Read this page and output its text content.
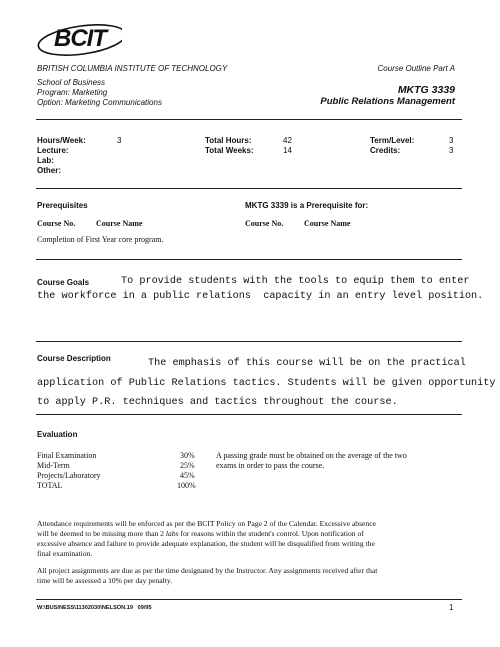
BCIT
BRITISH COLUMBIA INSTITUTE OF TECHNOLOGY
School of Business
Program: Marketing
Option: Marketing Communications
Course Outline Part A
MKTG 3339
Public Relations Management
Hours/Week:	3
Lecture:
Lab:
Other:
Total Hours:	42
Total Weeks:	14
Term/Level:	3
Credits:	3
Prerequisites	MKTG 3339 is a Prerequisite for:
Course No.	Course Name	Course No.	Course Name
Completion of First Year core program.
Course Goals	To provide students with the tools to equip them to enter
the workforce in a public relations  capacity in an entry level position.
Course Description	The emphasis of this course will be on the practical
application of Public Relations tactics. Students will be given opportunity
to apply P.R. techniques and tactics throughout the course.
Evaluation
Final Examination	30%
Mid-Term	25%
Projects/Laboratory	45%
TOTAL	100%
A passing grade must be obtained on the average of the two
exams in order to pass the course.
Attendance requirements will be enforced as per the BCIT Policy on Page 2 of the Calendar. Excessive absence
will be deemed to be missing more than 2 labs for reasons within the student's control. Upon notification of
excessive absence and failure to provide adequate explanation, the student will be disqualified from writing the
final examination.
All project assignments are due as per the time designated by the Instructor. Any assignments received after that
time will be assessed a 10% per day penalty.
W:\BUSINESS\11302030\NELSON.19   09/95	1
